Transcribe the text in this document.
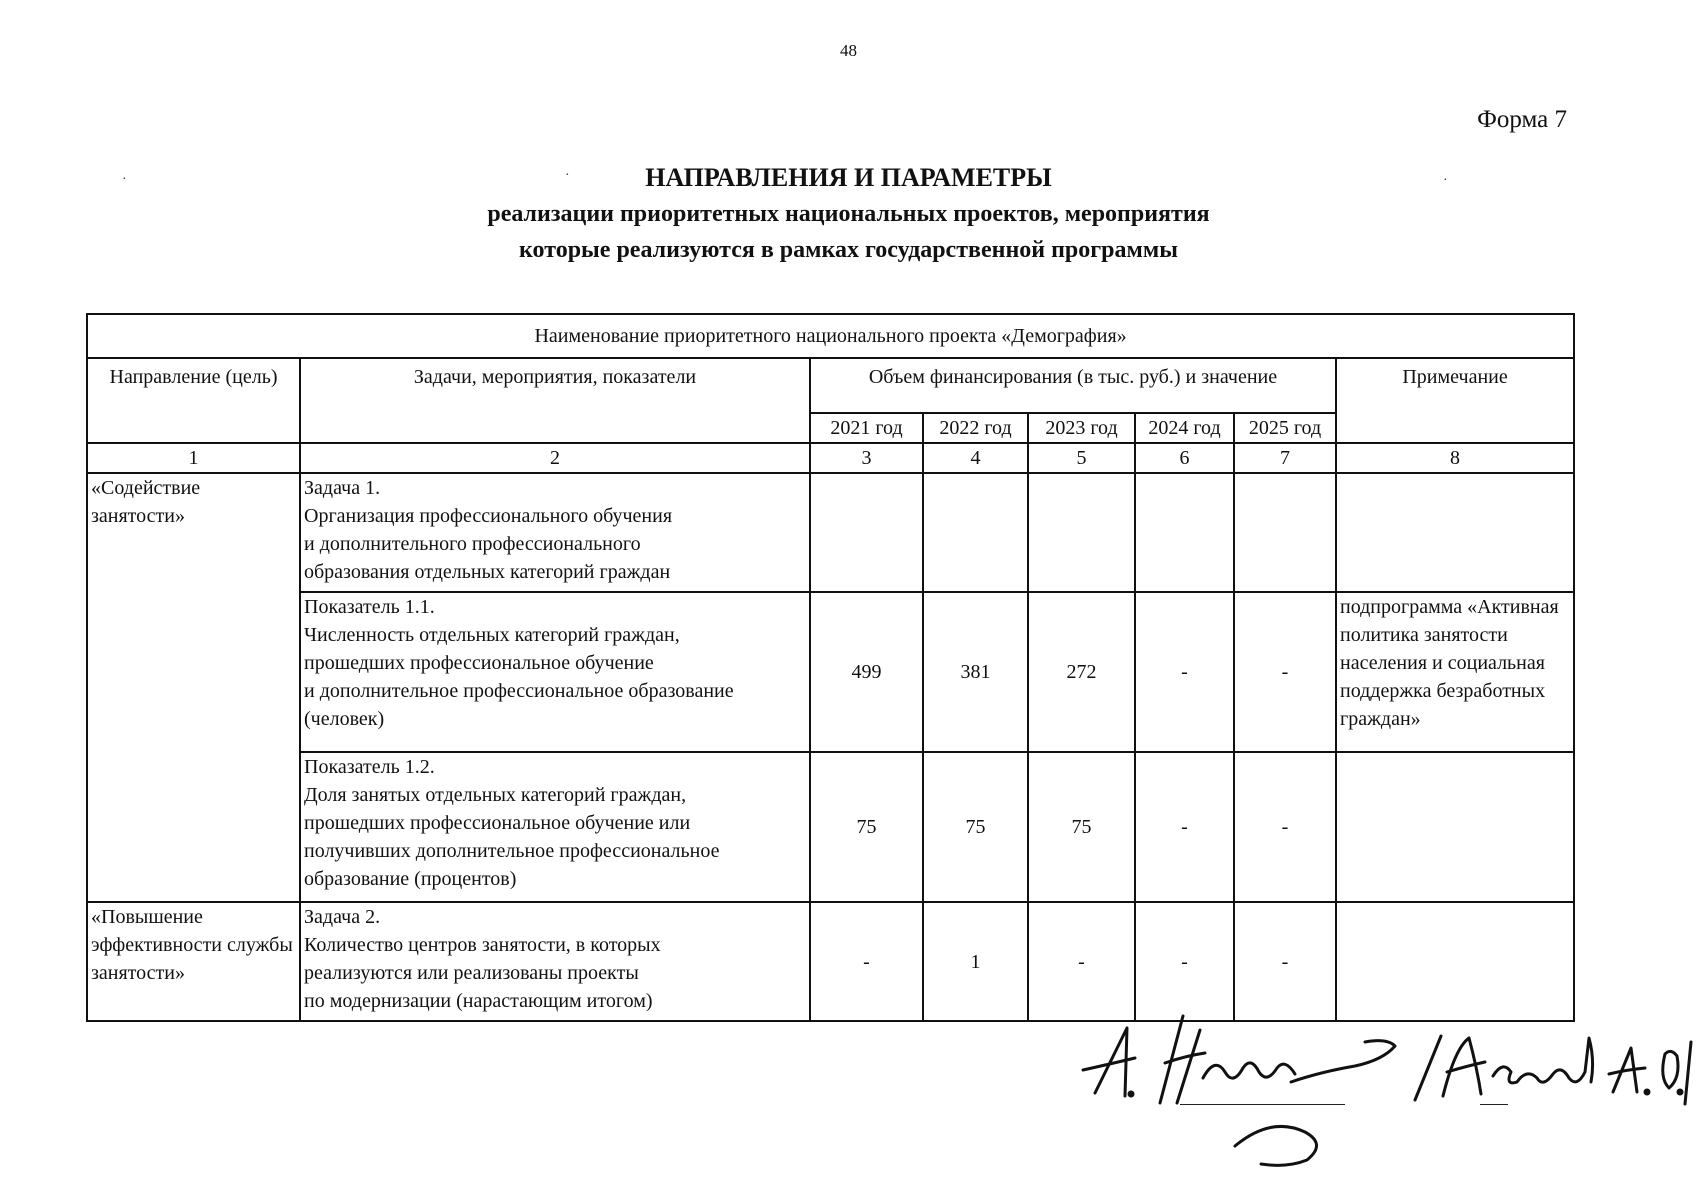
48
Форма 7
·	·	·
НАПРАВЛЕНИЯ И ПАРАМЕТРЫ
реализации приоритетных национальных проектов, мероприятия
которые реализуются в рамках государственной программы
Наименование приоритетного национального проекта «Демография»							
Направление (цель)	Задачи, мероприятия, показатели	Объем финансирования (в тыс. руб.) и значение					Примечание
		2021 год	2022 год	2023 год	2024 год	2025 год	
1	2	3	4	5	6	7	8
«Содействие занятости»	Задача 1.
Организация профессионального обучения
и дополнительного профессионального
образования отдельных категорий граждан						

	Показатель 1.1.
Численность отдельных категорий граждан,
прошедших профессиональное обучение
и дополнительное профессиональное образование
(человек)	499	381	272	-	-	подпрограмма «Активная политика занятости населения и социальная поддержка безработных граждан»

	Показатель 1.2.
Доля занятых отдельных категорий граждан,
прошедших профессиональное обучение или
получивших дополнительное профессиональное
образование (процентов)	75	75	75	-	-	
«Повышение эффективности службы занятости»	Задача 2.
Количество центров занятости, в которых
реализуются или реализованы проекты
по модернизации (нарастающим итогом)	-	1	-	-	-	
